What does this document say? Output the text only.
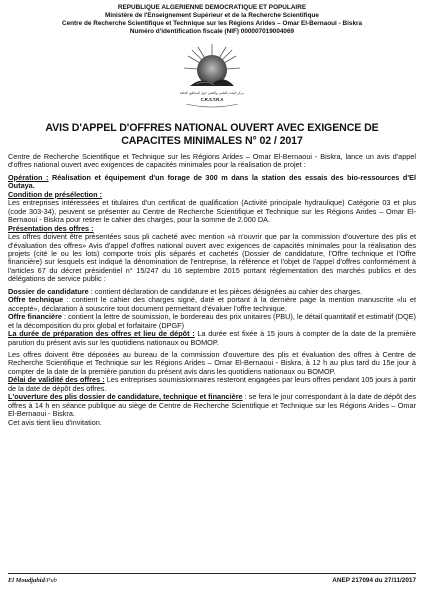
REPUBLIQUE ALGERIENNE DEMOCRATIQUE ET POPULAIRE
Ministère de l'Enseignement Supérieur et de la Recherche Scientifique
Centre de Recherche Scientifique et Technique sur les Régions Arides – Omar El-Bernaoui - Biskra
Numéro d'identification fiscale (NIF) 000007019004069
مركز البحث العلمي والتقني حول المناطق الجافة
C.R.S.T.R.A
AVIS D'APPEL D'OFFRES NATIONAL OUVERT AVEC EXIGENCE DE
CAPACITES MINIMALES N° 02 / 2017

Centre de Recherche Scientifique et Technique sur les Régions Arides – Omar El-Bernaoui - Biskra, lance un avis d'appel d'offres national ouvert avec exigences de capacités minimales pour la réalisation de projet :

Opération : Réalisation et équipement d'un forage de 300 m dans la station des essais des bio-ressources d'El Outaya.

Condition de présélection :

Les entreprises intéressées et titulaires d'un certificat de qualification (Activité principale hydraulique) Catégorie 03 et plus (code 303-34), peuvent se présenter au Centre de Recherche Scientifique et Technique sur les Régions Arides – Omar El-Bernaoui - Biskra pour retirer le cahier des charges, pour la somme de 2.000 DA.

Présentation des offres :

Les offres doivent être présentées sous pli cacheté avec mention «à n'ouvrir que par la commission d'ouverture des plis et d'évaluation des offres» Avis d'appel d'offres national ouvert avec exigences de capacités minimales pour la réalisation des projets (cité le ou les lots) comporte trois plis séparés et cachetés (Dossier de candidature, l'Offre technique et l'Offre financière) sur lesquels est indiqué la dénomination de l'entreprise, la référence et l'objet de l'appel d'offres conformément à l'articles 67 du décret présidentiel n° 15/247 du 16 septembre 2015 portant réglementation des marchés publics et des délégations de service public :

Dossier de candidature : contient déclaration de candidature et les pièces désignées au cahier des charges.

Offre technique : contient le cahier des charges signé, daté et portant à la dernière page la mention manuscrite «lu et accepté», déclaration à souscrire tout document permettant d'évaluer l'offre technique.

Offre financière : contient la lettre de soumission, le bordereau des prix unitaires (PBU), le détail quantitatif et estimatif (DQE) et la décomposition du prix global et forfaitaire (DPGF)

La durée de préparation des offres et lieu de dépôt : La durée est fixée à 15 jours à compter de la date de la première parution du présent avis sur les quotidiens nationaux ou BOMOP.

Les offres doivent être déposées au bureau de la commission d'ouverture des plis et évaluation des offres à Centre de Recherche Scientifique et Technique sur les Régions Arides – Omar El-Bernaoui - Biskra, à 12 h au plus tard du 15e jour à compter de la date de la première parution du présent avis dans les quotidiens nationaux ou BOMOP.

Délai de validité des offres : Les entreprises soumissionnaires resteront engagées par leurs offres pendant 105 jours à partir de la date de dépôt des offres.

L'ouverture des plis dossier de candidature, technique et financière : se fera le jour correspondant à la date de dépôt des offres à 14 h en séance publique au siège de Centre de Recherche Scientifique et Technique sur les Régions Arides – Omar El-Bernaoui - Biskra.

Cet avis tient lieu d'invitation.

El Moudjahid/Pub	ANEP 217094 du 27/11/2017
